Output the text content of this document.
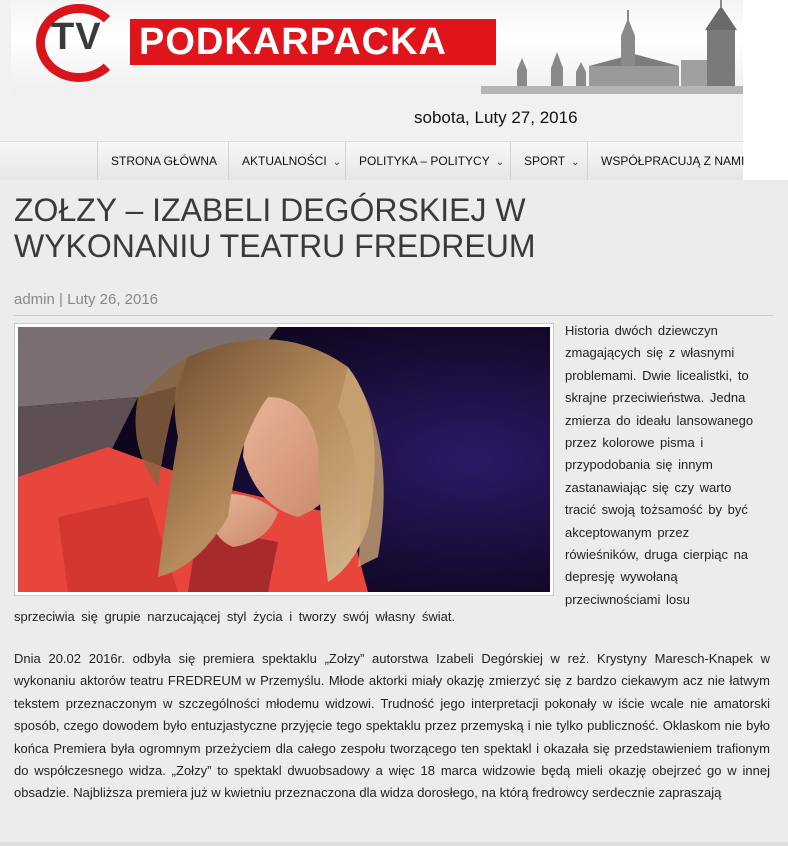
TV PODKARPACKA
sobota, Luty 27, 2016
STRONA GŁÓWNA	AKTUALNOŚCI ⌄	POLITYKA – POLITYCY ⌄	SPORT ⌄	WSPÓŁPRACUJĄ Z NAMI
ZOŁZY – IZABELI DEGÓRSKIEJ W WYKONANIU TEATRU FREDREUM
admin | Luty 26, 2016
Historia dwóch dziewczyn
zmagających się z własnymi
problemami. Dwie licealistki, to
skrajne przeciwieństwa. Jedna
zmierza do ideału lansowanego
przez kolorowe pisma i
przypodobania się innym
zastanawiając się czy warto
tracić swoją tożsamość by być
akceptowanym przez
rówieśników, druga cierpiąc na
depresję wywołaną
przeciwnościami losu
sprzeciwia się grupie narzucającej styl życia i tworzy swój własny świat.

Dnia 20.02 2016r. odbyła się premiera spektaklu „Zołzy” autorstwa Izabeli Degórskiej w reż. Krystyny Maresch-Knapek w wykonaniu aktorów teatru FREDREUM w Przemyślu. Młode aktorki miały okazję zmierzyć się z bardzo ciekawym acz nie łatwym tekstem przeznaczonym w szczególności młodemu widzowi. Trudność jego interpretacji pokonały w iście wcale nie amatorski sposób, czego dowodem było entuzjastyczne przyjęcie tego spektaklu przez przemyską i nie tylko publiczność. Oklaskom nie było końca Premiera była ogromnym przeżyciem dla całego zespołu tworzącego ten spektakl i okazała się przedstawieniem trafionym do współczesnego widza. „Zołzy” to spektakl dwuobsadowy a więc 18 marca widzowie będą mieli okazję obejrzeć go w innej obsadzie. Najbliższa premiera już w kwietniu przeznaczona dla widza dorosłego, na którą fredrowcy serdecznie zapraszają
